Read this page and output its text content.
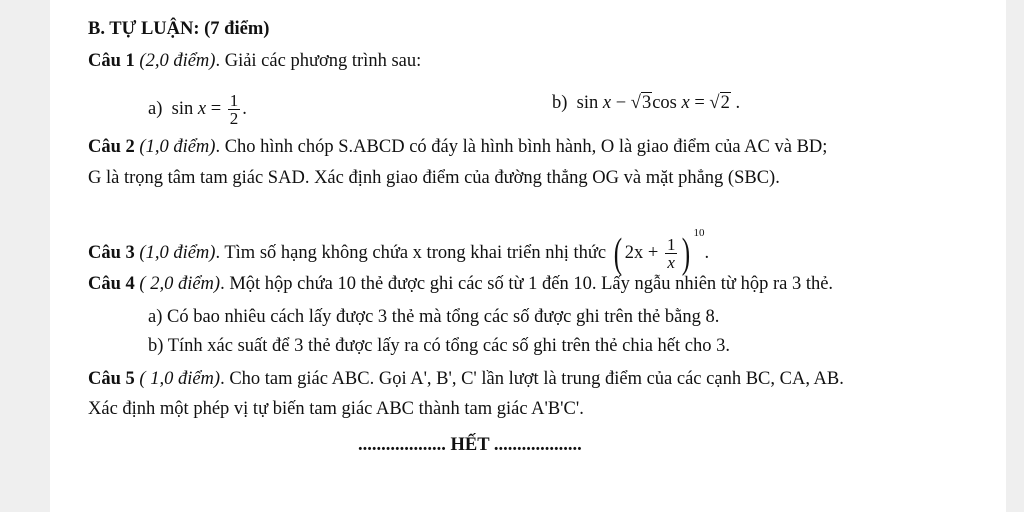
B. TỰ LUẬN: (7 điểm)
Câu 1 (2,0 điểm). Giải các phương trình sau:
a) $\sin x = \frac{1}{2}$ .	b) sin x − √3cos x = √2 .
Câu 2 (1,0 điểm). Cho hình chóp S.ABCD có đáy là hình bình hành, O là giao điểm của AC và BD;
G là trọng tâm tam giác SAD. Xác định giao điểm của đường thẳng OG và mặt phẳng (SBC).
Câu 3 (1,0 điểm). Tìm số hạng không chứa x trong khai triển nhị thức ( $2x + \frac{1}{x}$ ) $^{10}$.
Câu 4 ( 2,0 điểm). Một hộp chứa 10 thẻ được ghi các số từ 1 đến 10. Lấy ngẫu nhiên từ hộp ra 3 thẻ.
a) Có bao nhiêu cách lấy được 3 thẻ mà tổng các số được ghi trên thẻ bằng 8.
b) Tính xác suất để 3 thẻ được lấy ra có tổng các số ghi trên thẻ chia hết cho 3.
Câu 5 ( 1,0 điểm). Cho tam giác ABC. Gọi A', B', C' lần lượt là trung điểm của các cạnh BC, CA, AB.
Xác định một phép vị tự biến tam giác ABC thành tam giác A'B'C'.
................... HẾT ...................
